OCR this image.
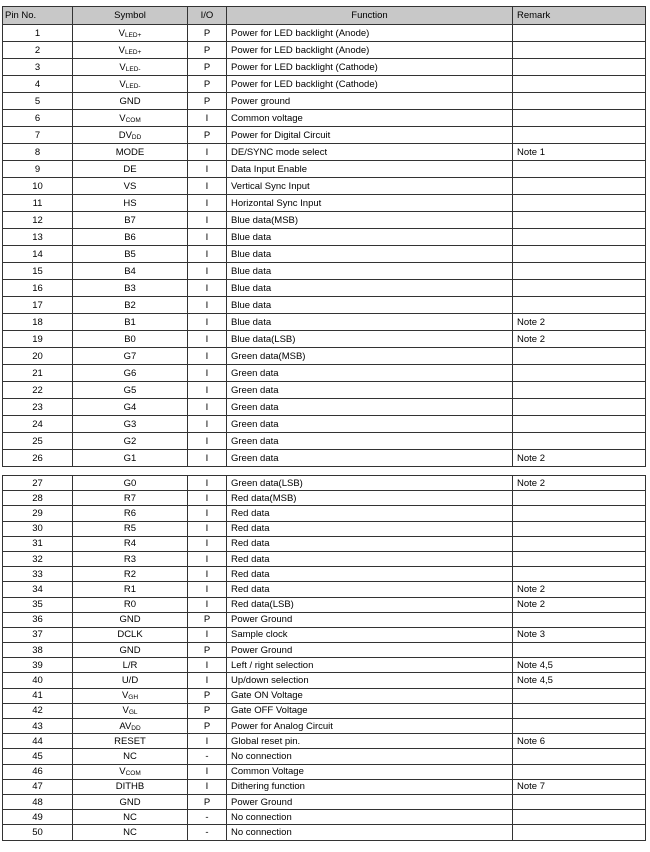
Pin No.	Symbol	I/O	Function	Remark
1	$V_{LED+}$	P	Power for LED backlight (Anode)	
2	$V_{LED+}$	P	Power for LED backlight (Anode)	
3	$V_{LED-}$	P	Power for LED backlight (Cathode)	
4	$V_{LED-}$	P	Power for LED backlight (Cathode)	
5	GND	P	Power ground	
6	$V_{COM}$	I	Common voltage	
7	$DV_{DD}$	P	Power for Digital Circuit	
8	MODE	I	DE/SYNC mode select	Note 1
9	DE	I	Data Input Enable	
10	VS	I	Vertical Sync Input	
11	HS	I	Horizontal Sync Input	
12	B7	I	Blue data(MSB)	
13	B6	I	Blue data	
14	B5	I	Blue data	
15	B4	I	Blue data	
16	B3	I	Blue data	
17	B2	I	Blue data	
18	B1	I	Blue data	Note 2
19	B0	I	Blue data(LSB)	Note 2
20	G7	I	Green data(MSB)	
21	G6	I	Green data	
22	G5	I	Green data	
23	G4	I	Green data	
24	G3	I	Green data	
25	G2	I	Green data	
26	G1	I	Green data	Note 2
27	G0	I	Green data(LSB)	Note 2
28	R7	I	Red data(MSB)	
29	R6	I	Red data	
30	R5	I	Red data	
31	R4	I	Red data	
32	R3	I	Red data	
33	R2	I	Red data	
34	R1	I	Red data	Note 2
35	R0	I	Red data(LSB)	Note 2
36	GND	P	Power Ground	
37	DCLK	I	Sample clock	Note 3
38	GND	P	Power Ground	
39	L/R	I	Left / right selection	Note 4,5
40	U/D	I	Up/down selection	Note 4,5
41	$V_{GH}$	P	Gate ON Voltage	
42	$V_{GL}$	P	Gate OFF Voltage	
43	$AV_{DD}$	P	Power for Analog Circuit	
44	RESET	I	Global reset pin.	Note 6
45	NC	-	No connection	
46	$V_{COM}$	I	Common Voltage	
47	DITHB	I	Dithering function	Note 7
48	GND	P	Power Ground	
49	NC	-	No connection	
50	NC	-	No connection	
